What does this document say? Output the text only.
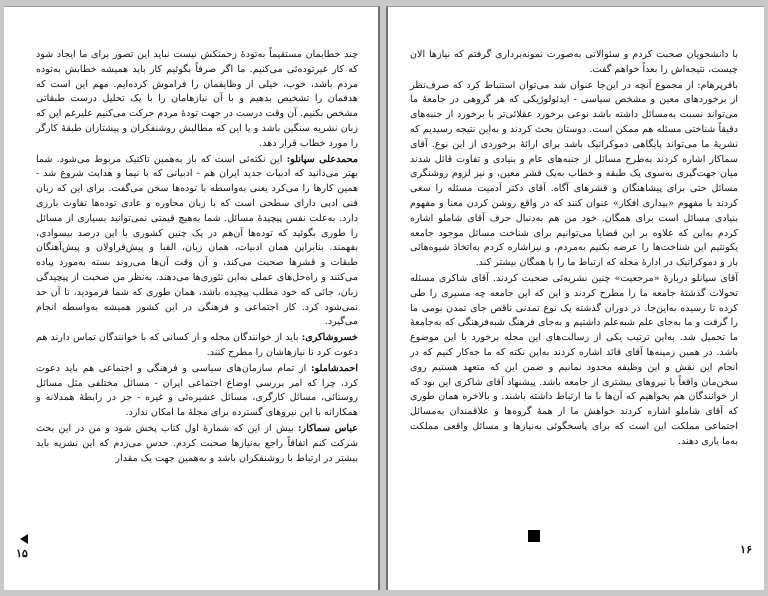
چند خطابمان مستقیماً به‌تودهٔ زحمتکش نیست نباید این تصور برای ما ایجاد شود که کار غیرتوده‌ئی می‌کنیم. ما اگر صرفاً بگوئیم کار باید همیشه خطابش به‌توده مردم باشد، خوب، خیلی از وظایفمان را فراموش کرده‌ایم. مهم این است که هدفمان را تشخیص بدهیم و با آن نیازهامان را با یک تحلیل درست طبقاتی مشخص بکنیم. آن وقت درست در جهت تودهٔ مردم حرکت می‌کنیم علیرغم این که زبان نشریه سنگین باشد و یا این که مطالبش روشنفکران و پیشتازان طبقهٔ کارگر را مورد خطاب قرار دهد.

محمدعلی سپانلو: این نکته‌ئی است که باز به‌همین تاکتیک مربوط می‌شود. شما بهتر می‌دانید که ادبیات جدید ایران هم - ادبیاتی که با نیما و هدایت شروع شد - همین کارها را می‌کرد یعنی به‌واسطه با توده‌ها سخن می‌گفت. برای این که زبان فنی ادبی دارای سطحی است که با زبان محاوره و عادی توده‌ها تفاوت بارزی دارد. به‌علت نفس پیچیدهٔ مسائل. شما به‌هیچ قیمتی نمی‌توانید بسیاری از مسائل را طوری بگوئید که توده‌ها آن‌هم در یک چنین کشوری با این درصد بیسوادی، بفهمند. بنابراین همان ادبیات، همان زبان، الفبا و پیش‌قراولان و پیش‌آهنگان طبقات و قشرها صحبت می‌کند، و آن وقت آن‌ها می‌روند بسته به‌مورد پیاده می‌کنند و راه‌حل‌های عملی به‌این تئوری‌ها می‌دهند. به‌نظر من صحبت از پیچیدگی زبان، جائی که خود مطلب پیچیده باشد، همان طوری که شما فرمودید، تا آن حد نمی‌شود کرد. کار اجتماعی و فرهنگی در این کشور همیشه به‌واسطه انجام می‌گیرد.

خسروشاکری: باید از خوانندگان مجله و از کسانی که با خوانندگان تماس دارند هم دعوت کرد تا نیازهاشان را مطرح کنند.

احمدشاملو: از تمام سازمان‌های سیاسی و فرهنگی و اجتماعی هم باید دعوت کرد، چرا که امر بررسی اوضاع اجتماعی ایران - مسائل مختلفی مثل مسائل روستائی، مسائل کارگری، مسائل عشیره‌ئی و غیره - جز در رابطهٔ همدلانه و همکارانه با این نیروهای گسترده برای مجلهٔ ما امکان ندارد.

عباس سماکار: بیش از این که شمارهٔ اول کتاب پخش شود و من در این بحث شرکت کنم اتفاقاً راجع به‌نیازها صحبت کردم. حدس می‌زدم که این نشریه باید بیشتر در ارتباط با روشنفکران باشد و به‌همین جهت یک مقدار

۱۵

با دانشجویان صحبت کردم و سئوالاتی به‌صورت نمونه‌برداری گرفتم که نیازها الان چیست، نتیجه‌اش را بعداً خواهم گفت.

باقرپرهام: از مجموع آنچه در این‌جا عنوان شد می‌توان استنباط کرد که صرف‌نظر از برخوردهای معین و مشخص سیاسی - ایدئولوژیکی که هر گروهی در جامعهٔ ما می‌تواند نسبت به‌مسائل داشته باشد نوعی برخورد عقلائی‌تر با برخورد از جنبه‌های دقیقاً شناختی مسئله هم ممکن است. دوستان بحث کردند و به‌این نتیجه رسیدیم که نشریهٔ ما می‌تواند پایگاهی دموکراتیک باشد برای ارائهٔ برخوردی از این نوع. آقای سماکار اشاره کردند به‌طرح مسائل از جنبه‌های عام و بنیادی و تفاوت قائل شدند میان جهت‌گیری به‌سوی یک طبقه و خطاب به‌یک قشر معین، و نیز لزوم روشنگری مسائل حتی برای پیشاهنگان و قشرهای آگاه. آقای دکتر آدمیت مسئله را سعی کردند با مفهوم «بیداری افکار» عنوان کنند که در واقع روشن کردن معنا و مفهوم بنیادی مسائل است برای همگان. خود من هم به‌دنبال حرف آقای شاملو اشاره کردم به‌این که علاوه بر این قضایا می‌توانیم برای شناخت مسائل موجود جامعه یکونتیم این شناخت‌ها را عرضه بکنیم به‌مردم، و نیزاشاره کردم به‌اتخاذ شیوه‌هائی باز و دموکراتیک در ادارهٔ مجله که ارتباط ما را با همگان بیشتر کند.

آقای سپانلو دربارهٔ «مرجعیت» چنین نشریه‌ئی صحبت کردند. آقای شاکری مسئله تحولات گذشتهٔ جامعه ما را مطرح کردند و این که این جامعه چه مسیری را طی کرده تا رسیده به‌این‌جا. در دوران گذشته یک نوع تمدنی ناقص جای تمدن بومی ما را گرفت و ما به‌جای علم شبه‌علم داشتیم و به‌جای فرهنگ شبه‌فرهنگی که به‌جامعهٔ ما تحمیل شد. به‌این ترتیب یکی از رسالت‌های این مجله برخورد با این موضوع باشد. در همین زمینه‌ها آقای قائد اشاره کردند به‌این نکته که ما جه‌کار کنیم که در انجام این نقش و این وظیفه محدود نمانیم و ضمن این که متعهد هستیم روی سخن‌مان واقعاً با نیروهای بیشتری از جامعه باشد. پیشنهاد آقای شاکری این بود که از خوانندگان هم بخواهیم که آن‌ها با ما ارتباط داشته باشند. و بالاخره همان طوری که آقای شاملو اشاره کردند خواهش ما از همهٔ گروه‌ها و علاقمندان به‌مسائل اجتماعی مملکت این است که برای پاسخگوئی به‌نیازها و مسائل واقعی مملکت به‌ما یاری دهند.

۱۶
